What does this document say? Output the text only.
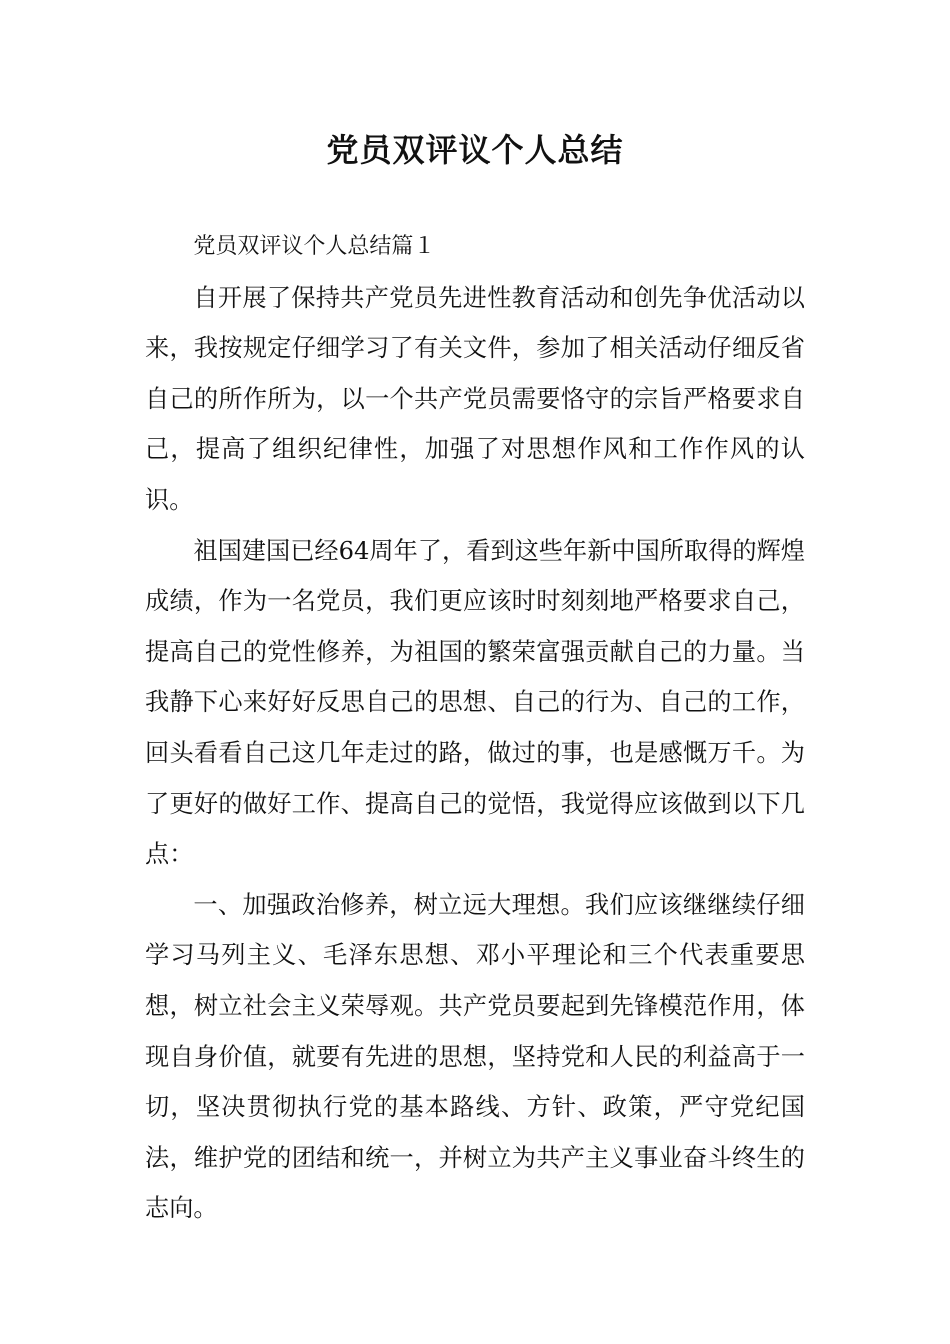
党员双评议个人总结

党员双评议个人总结篇１

自开展了保持共产党员先进性教育活动和创先争优活动以来，我按规定仔细学习了有关文件，参加了相关活动仔细反省自己的所作所为，以一个共产党员需要恪守的宗旨严格要求自己，提高了组织纪律性，加强了对思想作风和工作作风的认识。

祖国建国已经64周年了，看到这些年新中国所取得的辉煌成绩，作为一名党员，我们更应该时时刻刻地严格要求自己，提高自己的党性修养，为祖国的繁荣富强贡献自己的力量。当我静下心来好好反思自己的思想、自己的行为、自己的工作，回头看看自己这几年走过的路，做过的事，也是感慨万千。为了更好的做好工作、提高自己的觉悟，我觉得应该做到以下几点：

一、加强政治修养，树立远大理想。我们应该继继续仔细学习马列主义、毛泽东思想、邓小平理论和三个代表重要思想，树立社会主义荣辱观。共产党员要起到先锋模范作用，体现自身价值，就要有先进的思想，坚持党和人民的利益高于一切，坚决贯彻执行党的基本路线、方针、政策，严守党纪国法，维护党的团结和统一，并树立为共产主义事业奋斗终生的志向。
